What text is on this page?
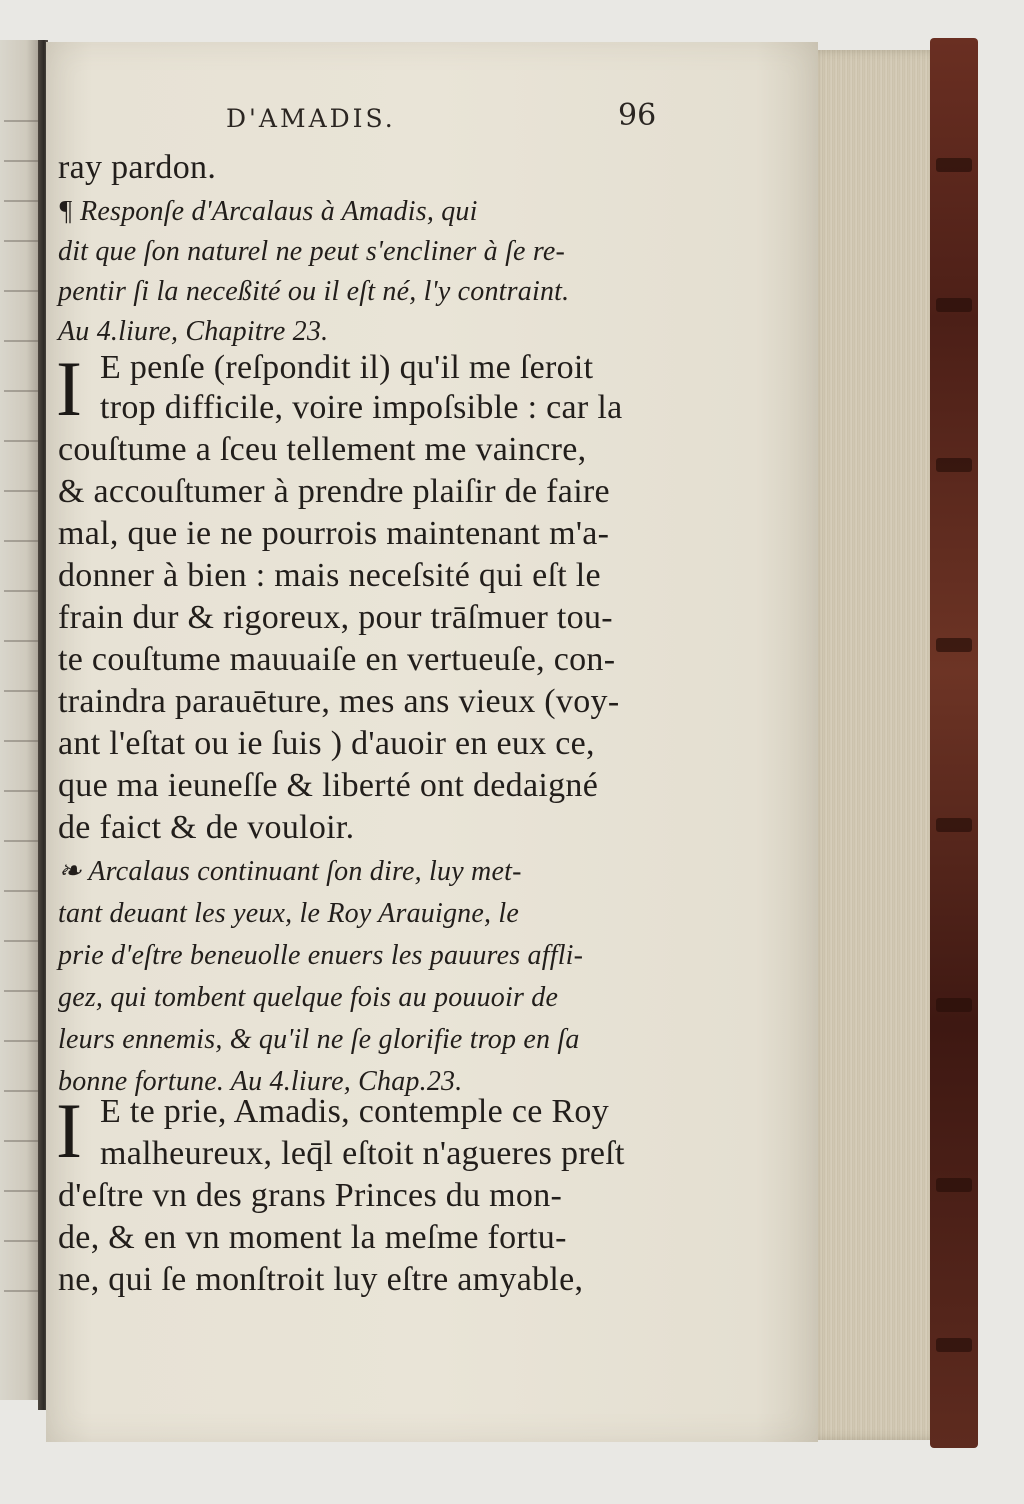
D'AMADIS.	96
ray pardon.
¶ Responſe d'Arcalaus à Amadis, qui
dit que ſon naturel ne peut s'encliner à ſe re-
pentir ſi la neceßité ou il eſt né, l'y contraint.
Au 4.liure, Chapitre 23.
I E penſe (reſpondit il) qu'il me ſeroit
trop difficile, voire impoſsible : car la
couſtume a ſceu tellement me vaincre,
& accouſtumer à prendre plaiſir de faire
mal, que ie ne pourrois maintenant m'a-
donner à bien : mais neceſsité qui eſt le
frain dur & rigoreux, pour trāſmuer tou-
te couſtume mauuaiſe en vertueuſe, con-
traindra parauēture, mes ans vieux (voy-
ant l'eſtat ou ie ſuis ) d'auoir en eux ce,
que ma ieuneſſe & liberté ont dedaigné
de faict & de vouloir.
❧ Arcalaus continuant ſon dire, luy met-
tant deuant les yeux, le Roy Arauigne, le
prie d'eſtre beneuolle enuers les pauures affli-
gez, qui tombent quelque fois au pouuoir de
leurs ennemis, & qu'il ne ſe glorifie trop en ſa
bonne fortune. Au 4.liure, Chap.23.
I E te prie, Amadis, contemple ce Roy
malheureux, leq̄l eſtoit n'agueres preſt
d'eſtre vn des grans Princes du mon-
de, & en vn moment la meſme fortu-
ne, qui ſe monſtroit luy eſtre amyable,
